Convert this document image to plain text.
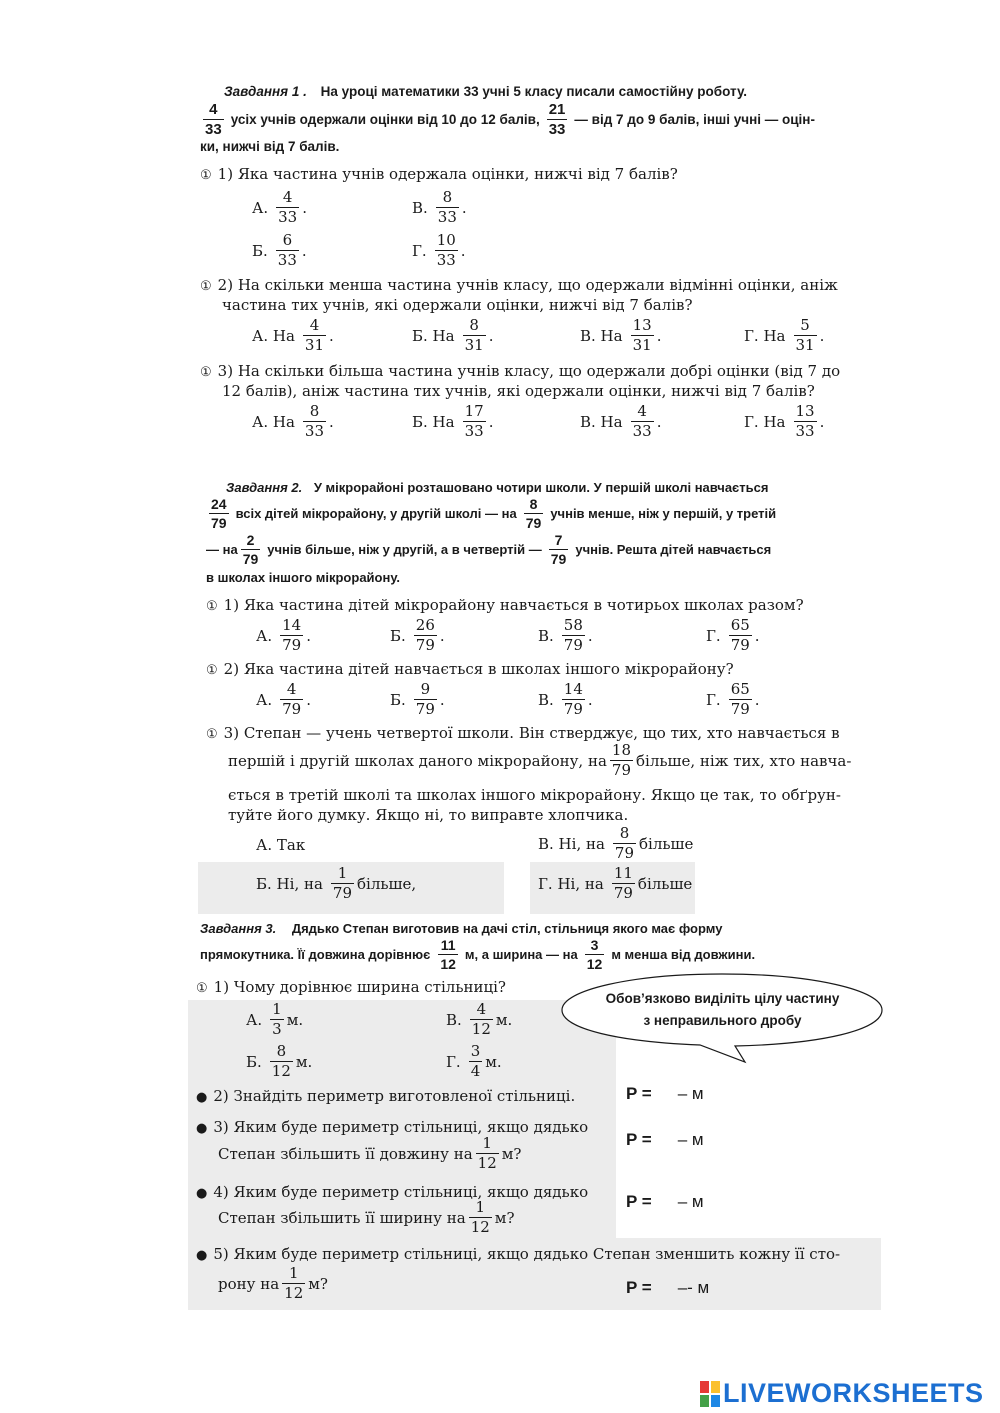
Завдання 1 . На уроці математики 33 учні 5 класу писали самостійну роботу.
$\frac{4}{33}$ усіх учнів одержали оцінки від 10 до 12 балів, $\frac{21}{33}$ — від 7 до 9 балів, інші учні — оцін-
ки, нижчі від 7 балів.
① 1) Яка частина учнів одержала оцінки, нижчі від 7 балів?
А. $\frac{4}{33}$ .	В. $\frac{8}{33}$ .
Б. $\frac{6}{33}$ .	Г. $\frac{10}{33}$ .
① 2) На скільки менша частина учнів класу, що одержали відмінні оцінки, аніж
частина тих учнів, які одержали оцінки, нижчі від 7 балів?
А. На $\frac{4}{31}$ .	Б. На $\frac{8}{31}$ .	В. На $\frac{13}{31}$ .	Г. На $\frac{5}{31}$ .
① 3) На скільки більша частина учнів класу, що одержали добрі оцінки (від 7 до
12 балів), аніж частина тих учнів, які одержали оцінки, нижчі від 7 балів?
А. На $\frac{8}{33}$ .	Б. На $\frac{17}{33}$ .	В. На $\frac{4}{33}$ .	Г. На $\frac{13}{33}$ .
Завдання 2. У мікрорайоні розташовано чотири школи. У першій школі навчається
$\frac{24}{79}$ всіх дітей мікрорайону, у другій школі — на $\frac{8}{79}$ учнів менше, ніж у першій, у третій
— на $\frac{2}{79}$ учнів більше, ніж у другій, а в четвертій — $\frac{7}{79}$ учнів. Решта дітей навчається
в школах іншого мікрорайону.
① 1) Яка частина дітей мікрорайону навчається в чотирьох школах разом?
А. $\frac{14}{79}$ .	Б. $\frac{26}{79}$ .	В. $\frac{58}{79}$ .	Г. $\frac{65}{79}$ .
① 2) Яка частина дітей навчається в школах іншого мікрорайону?
А. $\frac{4}{79}$ .	Б. $\frac{9}{79}$ .	В. $\frac{14}{79}$ .	Г. $\frac{65}{79}$ .
① 3) Степан — учень четвертої школи. Він стверджує, що тих, хто навчається в
першій і другій школах даного мікрорайону, на $\frac{18}{79}$ більше, ніж тих, хто навча-
ється в третій школі та школах іншого мікрорайону. Якщо це так, то обґрун-
туйте його думку. Якщо ні, то виправте хлопчика.
А. Так	В. Ні, на $\frac{8}{79}$ більше
Б. Ні, на $\frac{1}{79}$ більше,	Г. Ні, на $\frac{11}{79}$ більше
Завдання 3. Дядько Степан виготовив на дачі стіл, стільниця якого має форму
прямокутника. Її довжина дорівнює $\frac{11}{12} м$, а ширина — на $\frac{3}{12}$ м менша від довжини.
① 1) Чому дорівнює ширина стільниці?
А. $\frac{1}{3} м$.	В. $\frac{4}{12} м$.
Б. $\frac{8}{12} м$.	Г. $\frac{3}{4} м$.
● 2) Знайдіть периметр виготовленої стільниці.
● 3) Яким буде периметр стільниці, якщо дядько
Степан збільшить її довжину на $\frac{1}{12} м$?
● 4) Яким буде периметр стільниці, якщо дядько
Степан збільшить її ширину на $\frac{1}{12} м$?
● 5) Яким буде периметр стільниці, якщо дядько Степан зменшить кожну її сто-
рону на $\frac{1}{12} м$?
P = – м
P = – м
P = – м
P = –- м
Обов’язково виділіть цілу частину
з неправильного дробу
LIVEWORKSHEETS
